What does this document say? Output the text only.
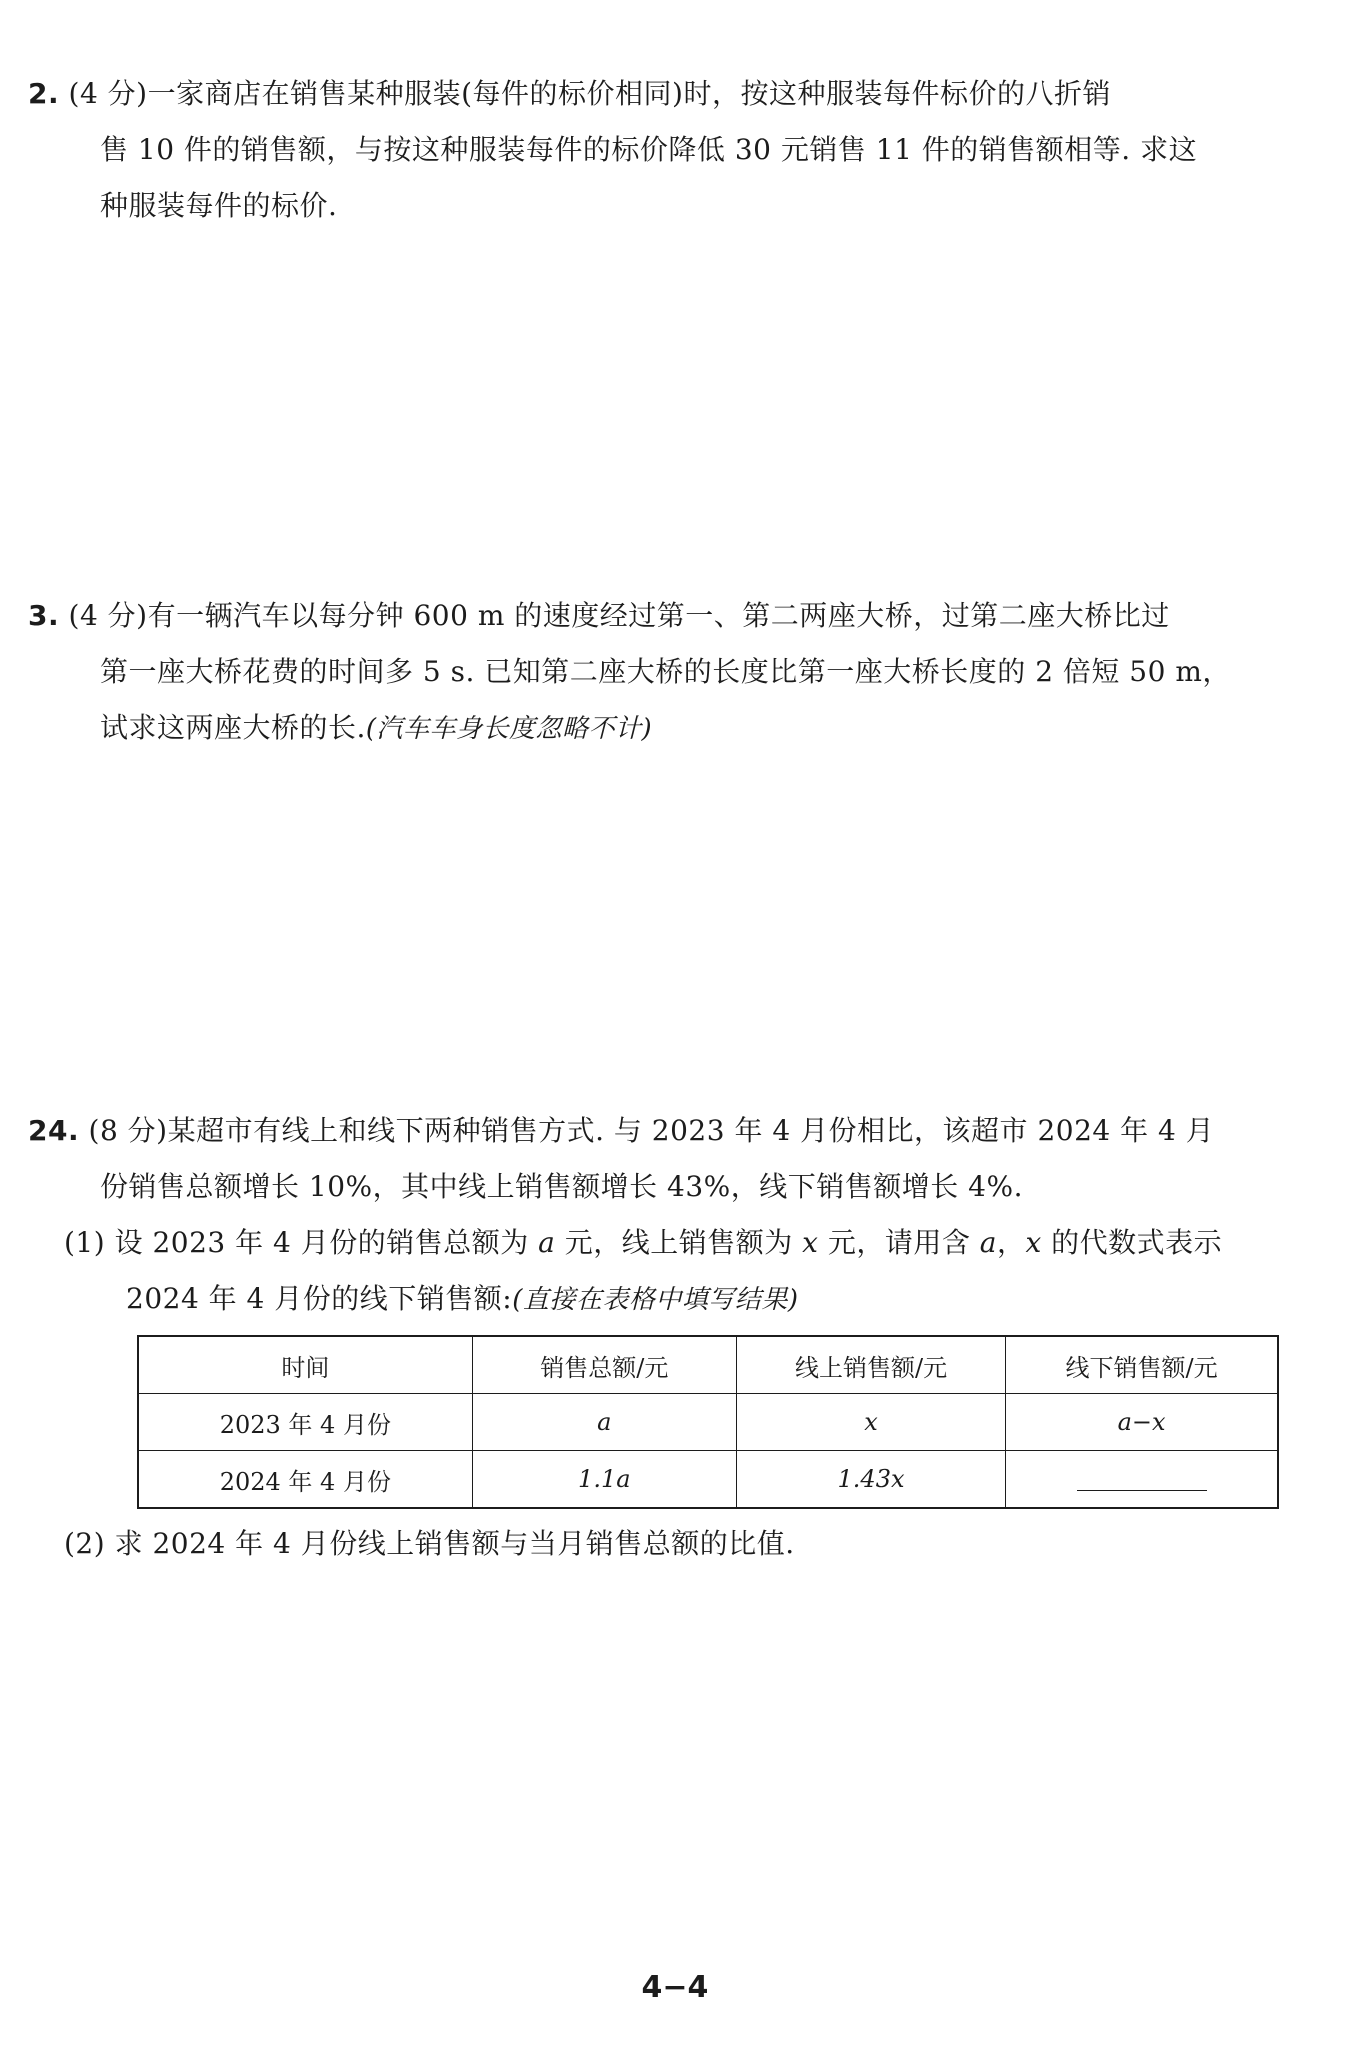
2. (4 分)一家商店在销售某种服装(每件的标价相同)时，按这种服装每件标价的八折销
售 10 件的销售额，与按这种服装每件的标价降低 30 元销售 11 件的销售额相等. 求这
种服装每件的标价.
3. (4 分)有一辆汽车以每分钟 600 m 的速度经过第一、第二两座大桥，过第二座大桥比过
第一座大桥花费的时间多 5 s. 已知第二座大桥的长度比第一座大桥长度的 2 倍短 50 m，
试求这两座大桥的长.(汽车车身长度忽略不计)
24. (8 分)某超市有线上和线下两种销售方式. 与 2023 年 4 月份相比，该超市 2024 年 4 月
份销售总额增长 10%，其中线上销售额增长 43%，线下销售额增长 4%.
(1) 设 2023 年 4 月份的销售总额为 a 元，线上销售额为 x 元，请用含 a，x 的代数式表示
2024 年 4 月份的线下销售额:(直接在表格中填写结果)
时间	销售总额/元	线上销售额/元	线下销售额/元
2023 年 4 月份	a	x	a−x
2024 年 4 月份	1.1a	1.43x	
(2) 求 2024 年 4 月份线上销售额与当月销售总额的比值.
4−4
